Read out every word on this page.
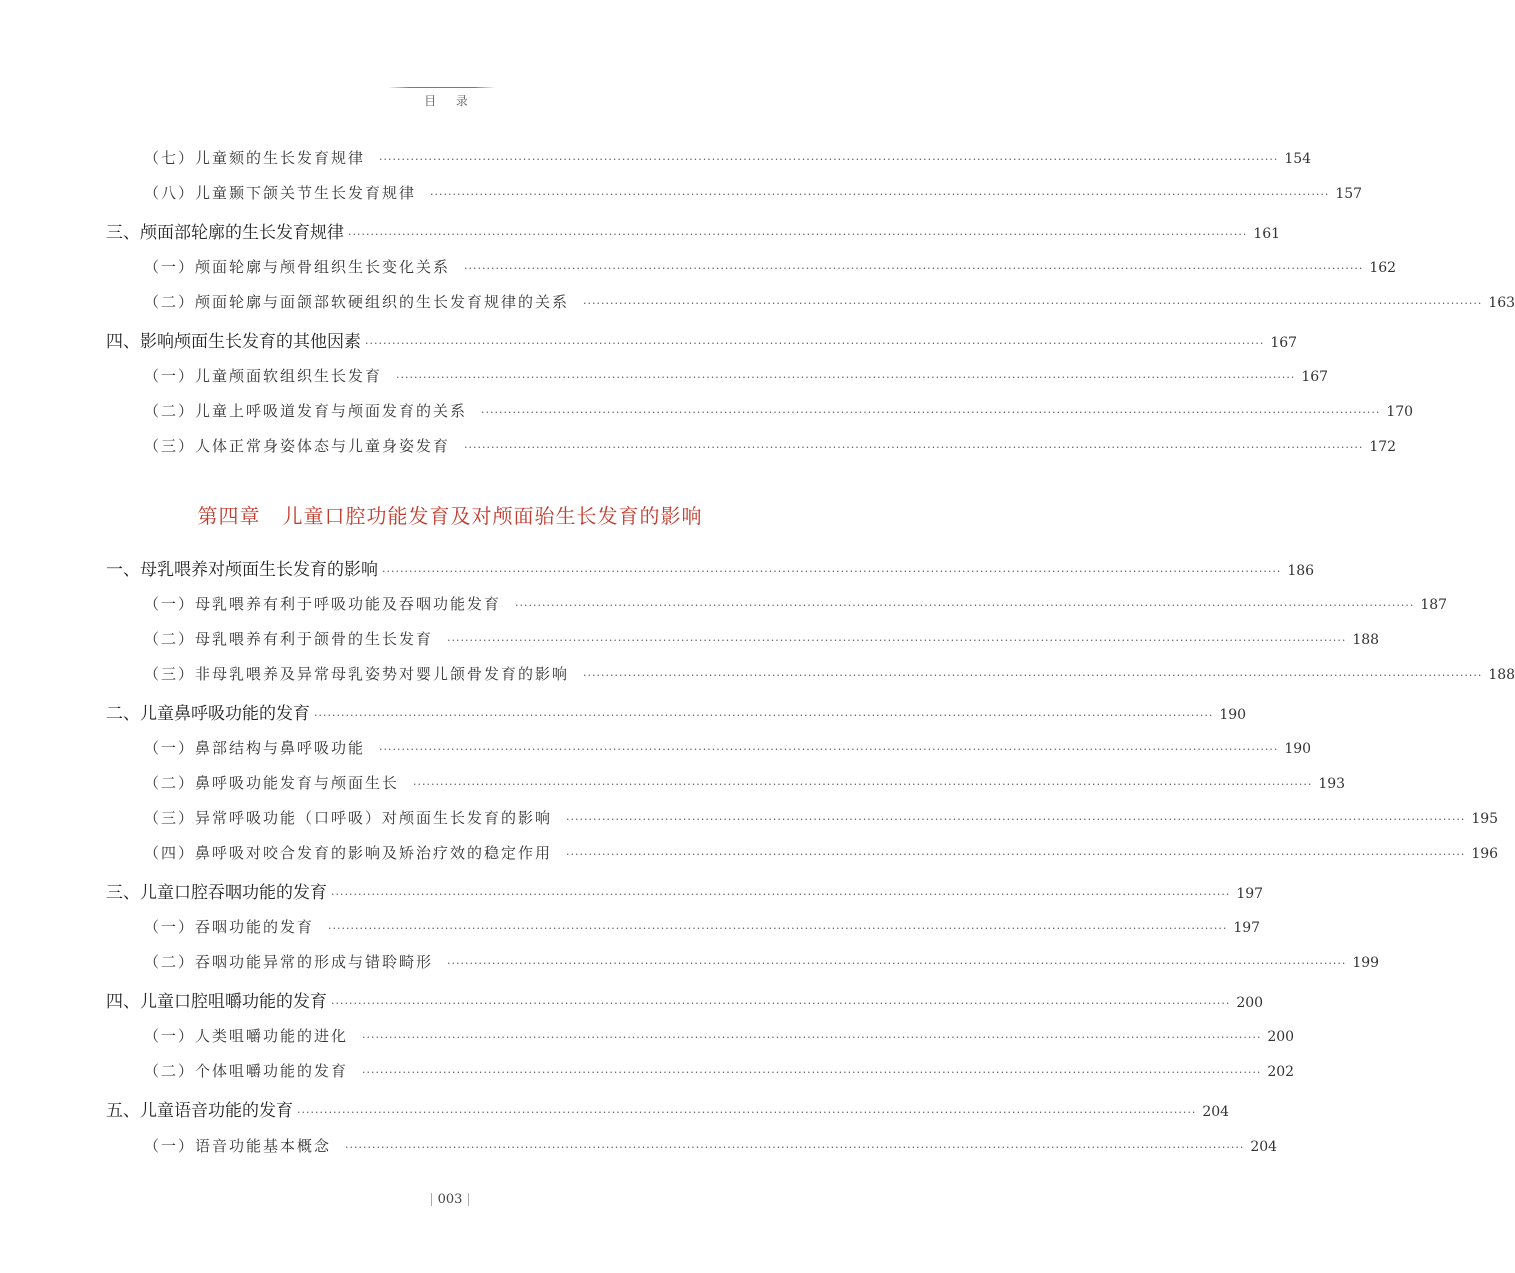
目 录
（七）儿童颏的生长发育规律 ········································································································································································································ 154
（八）儿童颞下颌关节生长发育规律 ········································································································································································································ 157
三、颅面部轮廓的生长发育规律 ········································································································································································································ 161
（一）颅面轮廓与颅骨组织生长变化关系 ········································································································································································································ 162
（二）颅面轮廓与面颌部软硬组织的生长发育规律的关系 ········································································································································································································ 163
四、影响颅面生长发育的其他因素 ········································································································································································································ 167
（一）儿童颅面软组织生长发育 ········································································································································································································ 167
（二）儿童上呼吸道发育与颅面发育的关系 ········································································································································································································ 170
（三）人体正常身姿体态与儿童身姿发育 ········································································································································································································ 172
一、母乳喂养对颅面生长发育的影响 ········································································································································································································ 186
（一）母乳喂养有利于呼吸功能及吞咽功能发育 ········································································································································································································ 187
（二）母乳喂养有利于颌骨的生长发育 ········································································································································································································ 188
（三）非母乳喂养及异常母乳姿势对婴儿颌骨发育的影响 ········································································································································································································ 188
二、儿童鼻呼吸功能的发育 ········································································································································································································ 190
（一）鼻部结构与鼻呼吸功能 ········································································································································································································ 190
（二）鼻呼吸功能发育与颅面生长 ········································································································································································································ 193
（三）异常呼吸功能（口呼吸）对颅面生长发育的影响 ········································································································································································································ 195
（四）鼻呼吸对咬合发育的影响及矫治疗效的稳定作用 ········································································································································································································ 196
三、儿童口腔吞咽功能的发育 ········································································································································································································ 197
（一）吞咽功能的发育 ········································································································································································································ 197
（二）吞咽功能异常的形成与错聆畸形 ········································································································································································································ 199
四、儿童口腔咀嚼功能的发育 ········································································································································································································ 200
（一）人类咀嚼功能的进化 ········································································································································································································ 200
（二）个体咀嚼功能的发育 ········································································································································································································ 202
五、儿童语音功能的发育 ········································································································································································································ 204
（一）语音功能基本概念 ········································································································································································································ 204
第四章 儿童口腔功能发育及对颅面骀生长发育的影响
003
